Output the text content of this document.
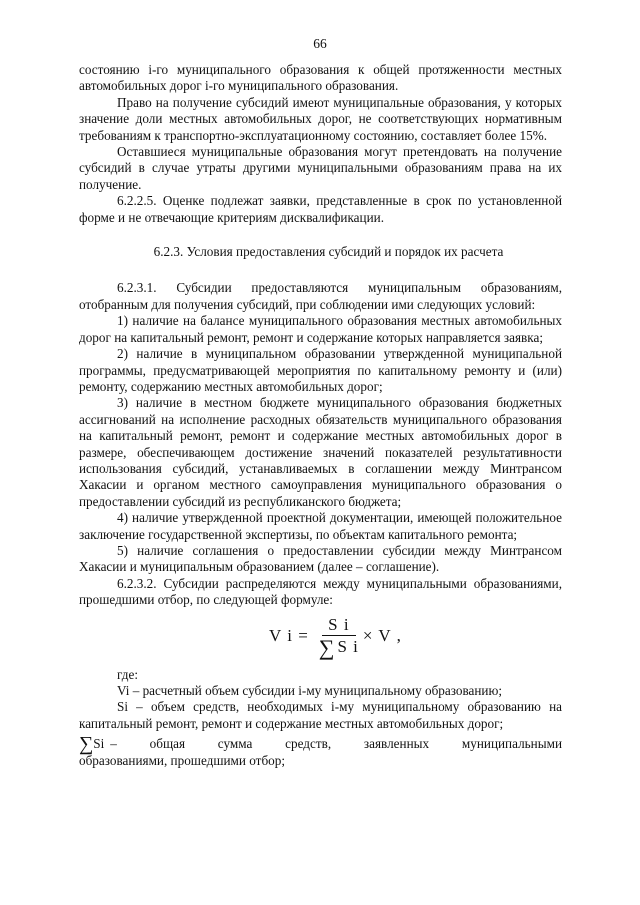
66

состоянию i-го муниципального образования к общей протяженности местных автомобильных дорог i-го муниципального образования.

Право на получение субсидий имеют муниципальные образования, у которых значение доли местных автомобильных дорог, не соответствующих нормативным требованиям к транспортно-эксплуатационному состоянию, составляет более 15%.

Оставшиеся муниципальные образования могут претендовать на получение субсидий в случае утраты другими муниципальными образованиям права на их получение.

6.2.2.5. Оценке подлежат заявки, представленные в срок по установленной форме и не отвечающие критериям дисквалификации.

6.2.3. Условия предоставления субсидий и порядок их расчета

6.2.3.1. Субсидии предоставляются муниципальным образованиям, отобранным для получения субсидий, при соблюдении ими следующих условий:

1) наличие на балансе муниципального образования местных автомобильных дорог на капитальный ремонт, ремонт и содержание которых направляется заявка;

2) наличие в муниципальном образовании утвержденной муниципальной программы, предусматривающей мероприятия по капитальному ремонту и (или) ремонту, содержанию местных автомобильных дорог;

3) наличие в местном бюджете муниципального образования бюджетных ассигнований на исполнение расходных обязательств муниципального образования на капитальный ремонт, ремонт и содержание местных автомобильных дорог в размере, обеспечивающем достижение значений показателей результативности использования субсидий, устанавливаемых в соглашении между Минтрансом Хакасии и органом местного самоуправления муниципального образования о предоставлении субсидий из республиканского бюджета;

4) наличие утвержденной проектной документации, имеющей положительное заключение государственной экспертизы, по объектам капитального ремонта;

5) наличие соглашения о предоставлении субсидии между Минтрансом Хакасии и муниципальным образованием (далее – соглашение).

6.2.3.2. Субсидии распределяются между муниципальными образованиями, прошедшими отбор, по следующей формуле:

V $i = \frac{\text{S i}}{\text{∑ S i}} \times V$ ,

где:

Vi – расчетный объем субсидии i-му муниципальному образованию;

Si – объем средств, необходимых i-му муниципальному образованию на капитальный ремонт, ремонт и содержание местных автомобильных дорог;

∑Si – общая сумма средств, заявленных муниципальными

образованиями, прошедшими отбор;
